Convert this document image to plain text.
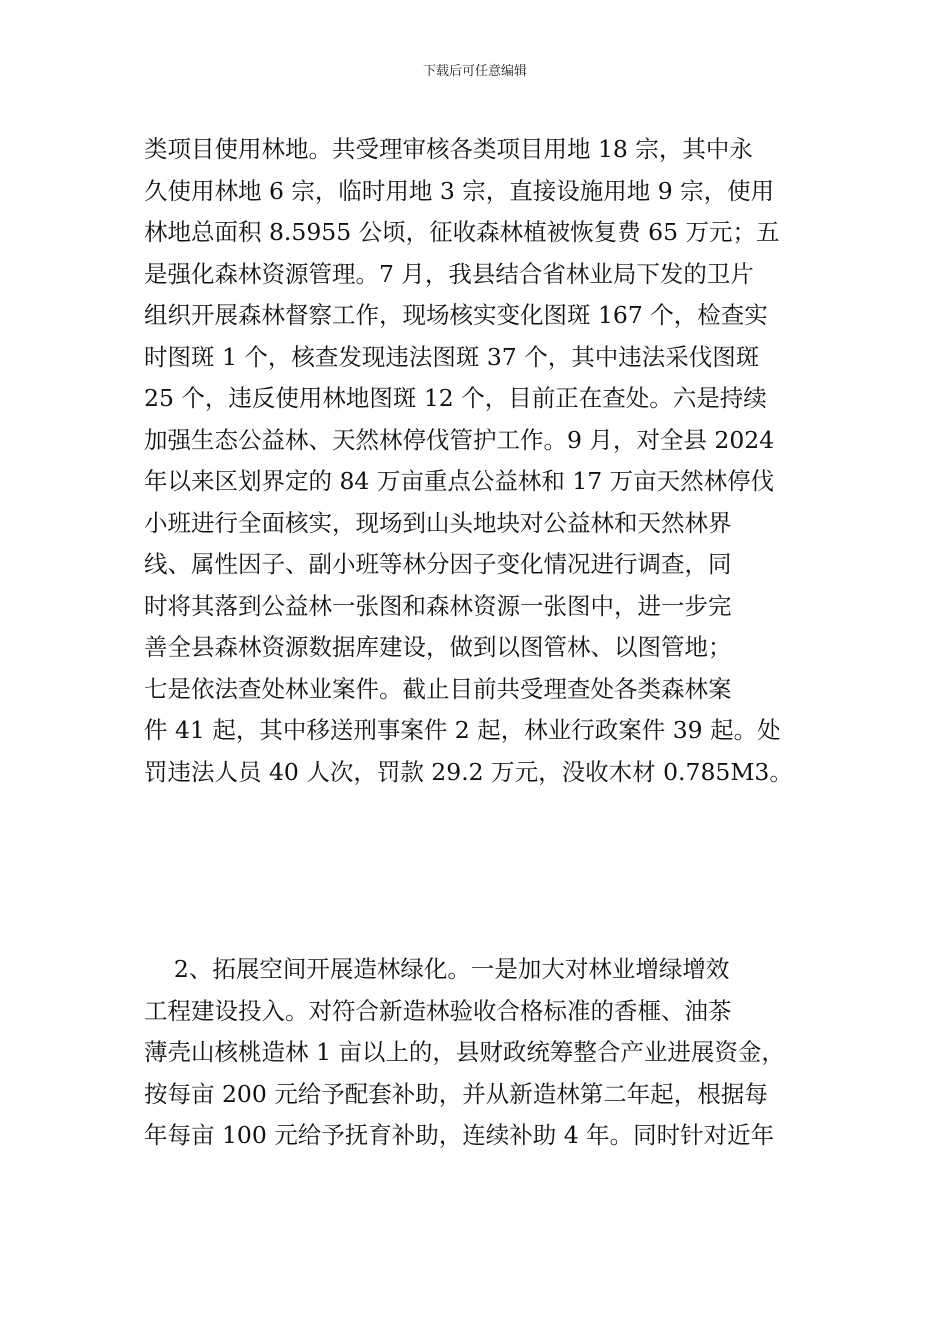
下载后可任意编辑
类项目使用林地。共受理审核各类项目用地 18 宗，其中永
久使用林地 6 宗，临时用地 3 宗，直接设施用地 9 宗，使用
林地总面积 8.5955 公顷，征收森林植被恢复费 65 万元；五
是强化森林资源管理。7 月，我县结合省林业局下发的卫片
组织开展森林督察工作，现场核实变化图斑 167 个，检查实
时图斑 1 个，核查发现违法图斑 37 个，其中违法采伐图斑
25 个，违反使用林地图斑 12 个，目前正在查处。六是持续
加强生态公益林、天然林停伐管护工作。9 月，对全县 2024
年以来区划界定的 84 万亩重点公益林和 17 万亩天然林停伐
小班进行全面核实，现场到山头地块对公益林和天然林界
线、属性因子、副小班等林分因子变化情况进行调查，同
时将其落到公益林一张图和森林资源一张图中，进一步完
善全县森林资源数据库建设，做到以图管林、以图管地；
七是依法查处林业案件。截止目前共受理查处各类森林案
件 41 起，其中移送刑事案件 2 起，林业行政案件 39 起。处
罚违法人员 40 人次，罚款 29.2 万元，没收木材 0.785M3。
2、拓展空间开展造林绿化。一是加大对林业增绿增效
工程建设投入。对符合新造林验收合格标准的香榧、油茶
薄壳山核桃造林 1 亩以上的，县财政统筹整合产业进展资金，
按每亩 200 元给予配套补助，并从新造林第二年起，根据每
年每亩 100 元给予抚育补助，连续补助 4 年。同时针对近年
